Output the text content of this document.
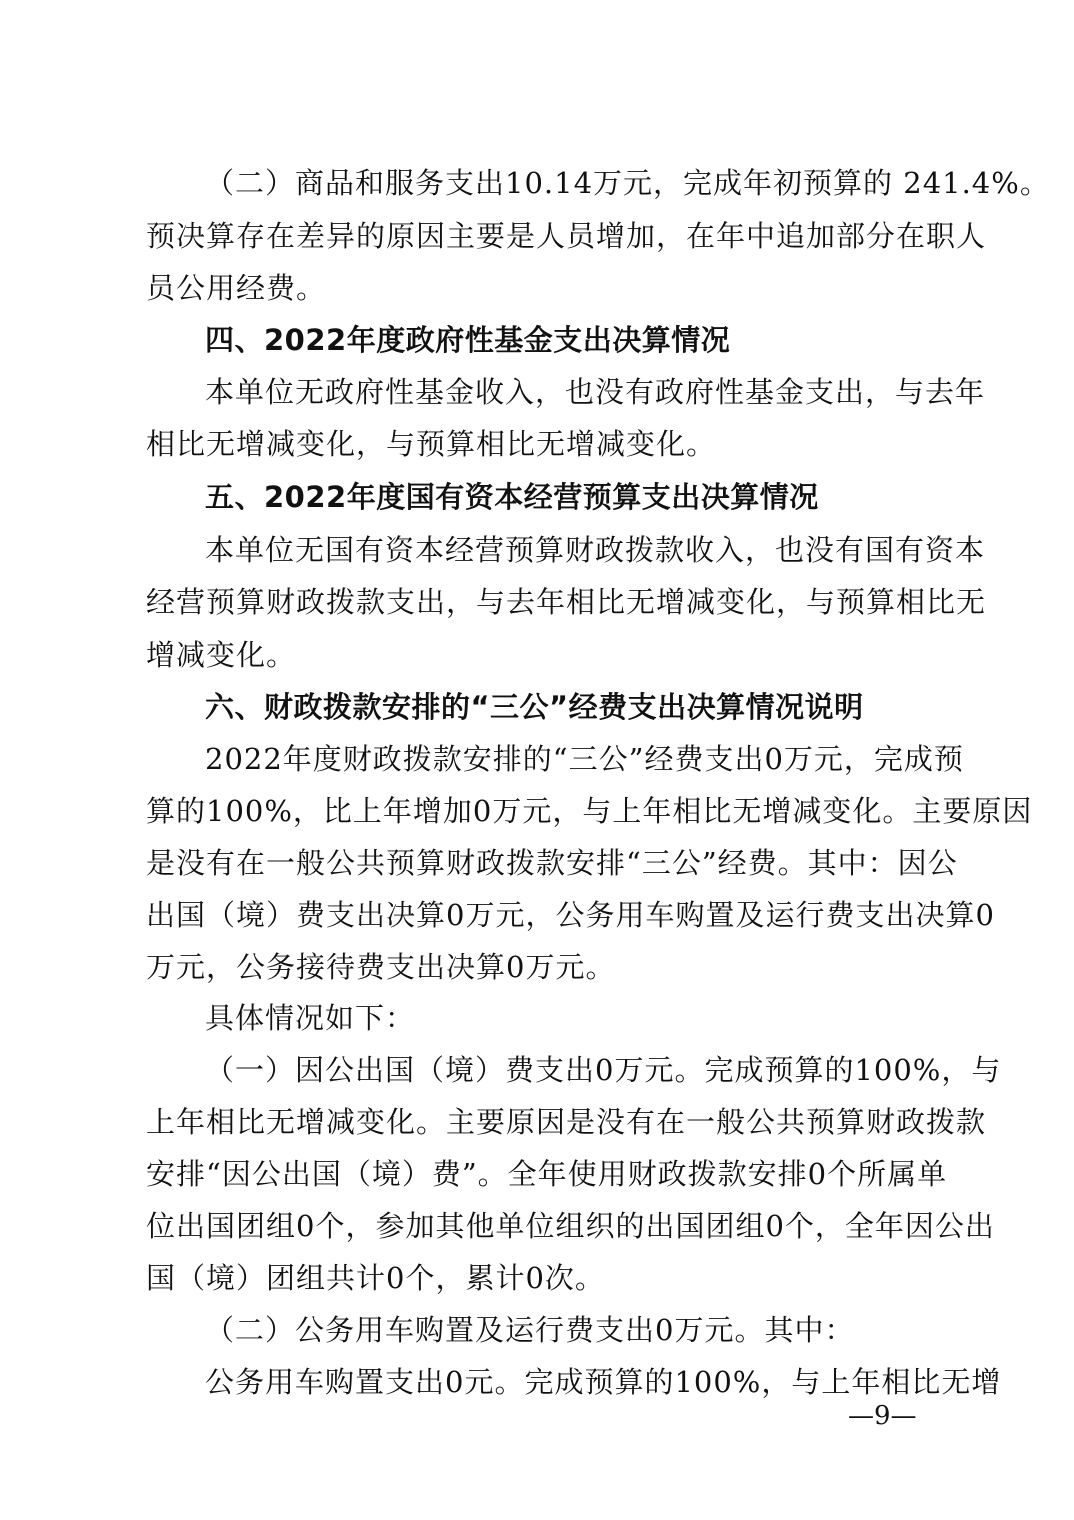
（二）商品和服务支出10.14万元，完成年初预算的 241.4%。
预决算存在差异的原因主要是人员增加，在年中追加部分在职人
员公用经费。
四、2022年度政府性基金支出决算情况
本单位无政府性基金收入，也没有政府性基金支出，与去年
相比无增减变化，与预算相比无增减变化。
五、2022年度国有资本经营预算支出决算情况
本单位无国有资本经营预算财政拨款收入，也没有国有资本
经营预算财政拨款支出，与去年相比无增减变化，与预算相比无
增减变化。
六、财政拨款安排的“三公”经费支出决算情况说明
2022年度财政拨款安排的“三公”经费支出0万元，完成预
算的100%，比上年增加0万元，与上年相比无增减变化。主要原因
是没有在一般公共预算财政拨款安排“三公”经费。其中：因公
出国（境）费支出决算0万元，公务用车购置及运行费支出决算0
万元，公务接待费支出决算0万元。
具体情况如下：
（一）因公出国（境）费支出0万元。完成预算的100%，与
上年相比无增减变化。主要原因是没有在一般公共预算财政拨款
安排“因公出国（境）费”。全年使用财政拨款安排0个所属单
位出国团组0个，参加其他单位组织的出国团组0个，全年因公出
国（境）团组共计0个，累计0次。
（二）公务用车购置及运行费支出0万元。其中：
公务用车购置支出0元。完成预算的100%，与上年相比无增
—9—
